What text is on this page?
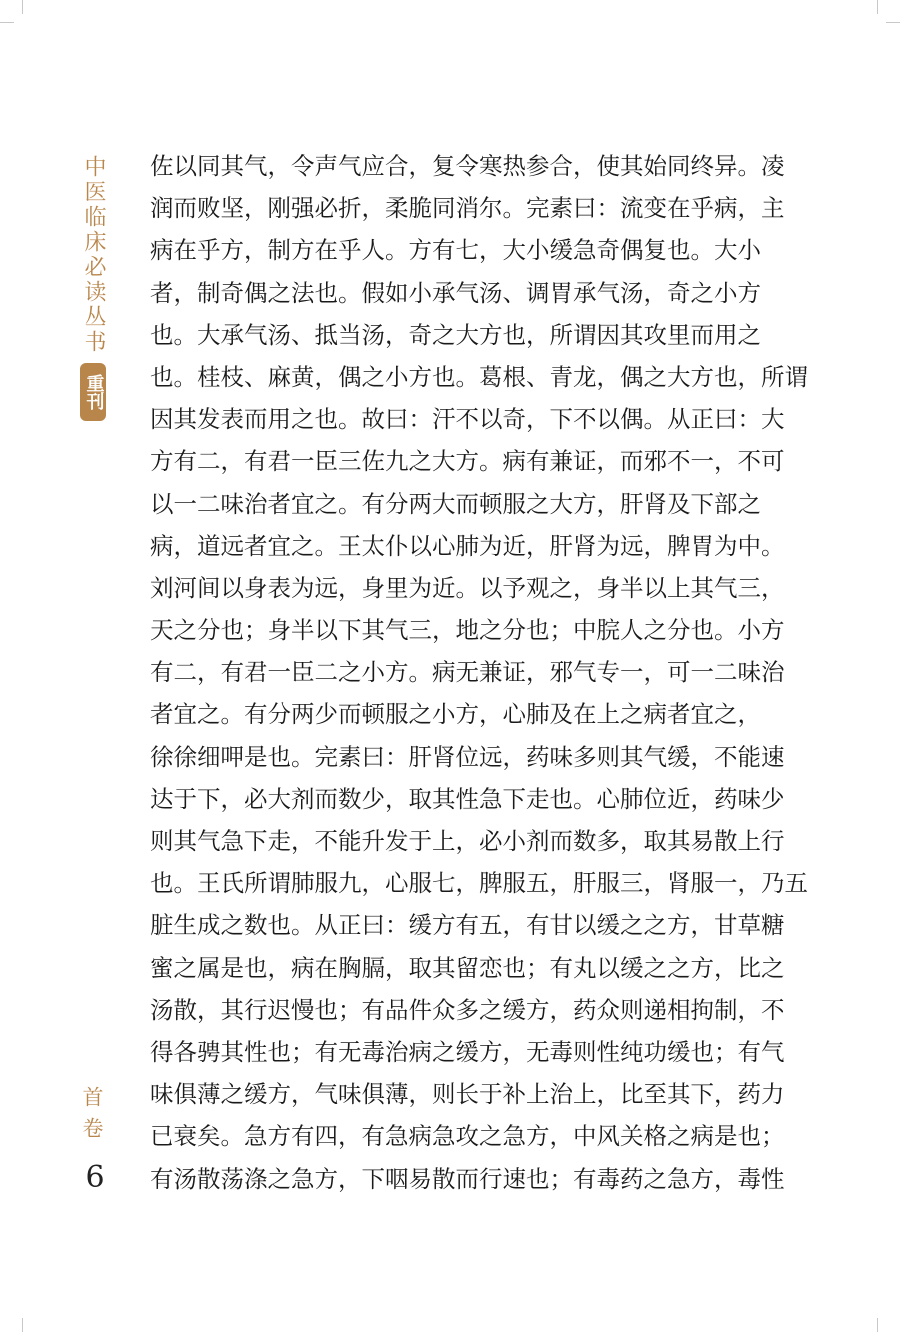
中医临床必读丛书
重刊
首卷
6
佐以同其气，令声气应合，复令寒热参合，使其始同终异。凌
润而败坚，刚强必折，柔脆同消尔。完素曰：流变在乎病，主
病在乎方，制方在乎人。方有七，大小缓急奇偶复也。大小
者，制奇偶之法也。假如小承气汤、调胃承气汤，奇之小方
也。大承气汤、抵当汤，奇之大方也，所谓因其攻里而用之
也。桂枝、麻黄，偶之小方也。葛根、青龙，偶之大方也，所谓
因其发表而用之也。故曰：汗不以奇，下不以偶。从正曰：大
方有二，有君一臣三佐九之大方。病有兼证，而邪不一，不可
以一二味治者宜之。有分两大而顿服之大方，肝肾及下部之
病，道远者宜之。王太仆以心肺为近，肝肾为远，脾胃为中。
刘河间以身表为远，身里为近。以予观之，身半以上其气三，
天之分也；身半以下其气三，地之分也；中脘人之分也。小方
有二，有君一臣二之小方。病无兼证，邪气专一，可一二味治
者宜之。有分两少而顿服之小方，心肺及在上之病者宜之，
徐徐细呷是也。完素曰：肝肾位远，药味多则其气缓，不能速
达于下，必大剂而数少，取其性急下走也。心肺位近，药味少
则其气急下走，不能升发于上，必小剂而数多，取其易散上行
也。王氏所谓肺服九，心服七，脾服五，肝服三，肾服一，乃五
脏生成之数也。从正曰：缓方有五，有甘以缓之之方，甘草糖
蜜之属是也，病在胸膈，取其留恋也；有丸以缓之之方，比之
汤散，其行迟慢也；有品件众多之缓方，药众则递相拘制，不
得各骋其性也；有无毒治病之缓方，无毒则性纯功缓也；有气
味俱薄之缓方，气味俱薄，则长于补上治上，比至其下，药力
已衰矣。急方有四，有急病急攻之急方，中风关格之病是也；
有汤散荡涤之急方，下咽易散而行速也；有毒药之急方，毒性
